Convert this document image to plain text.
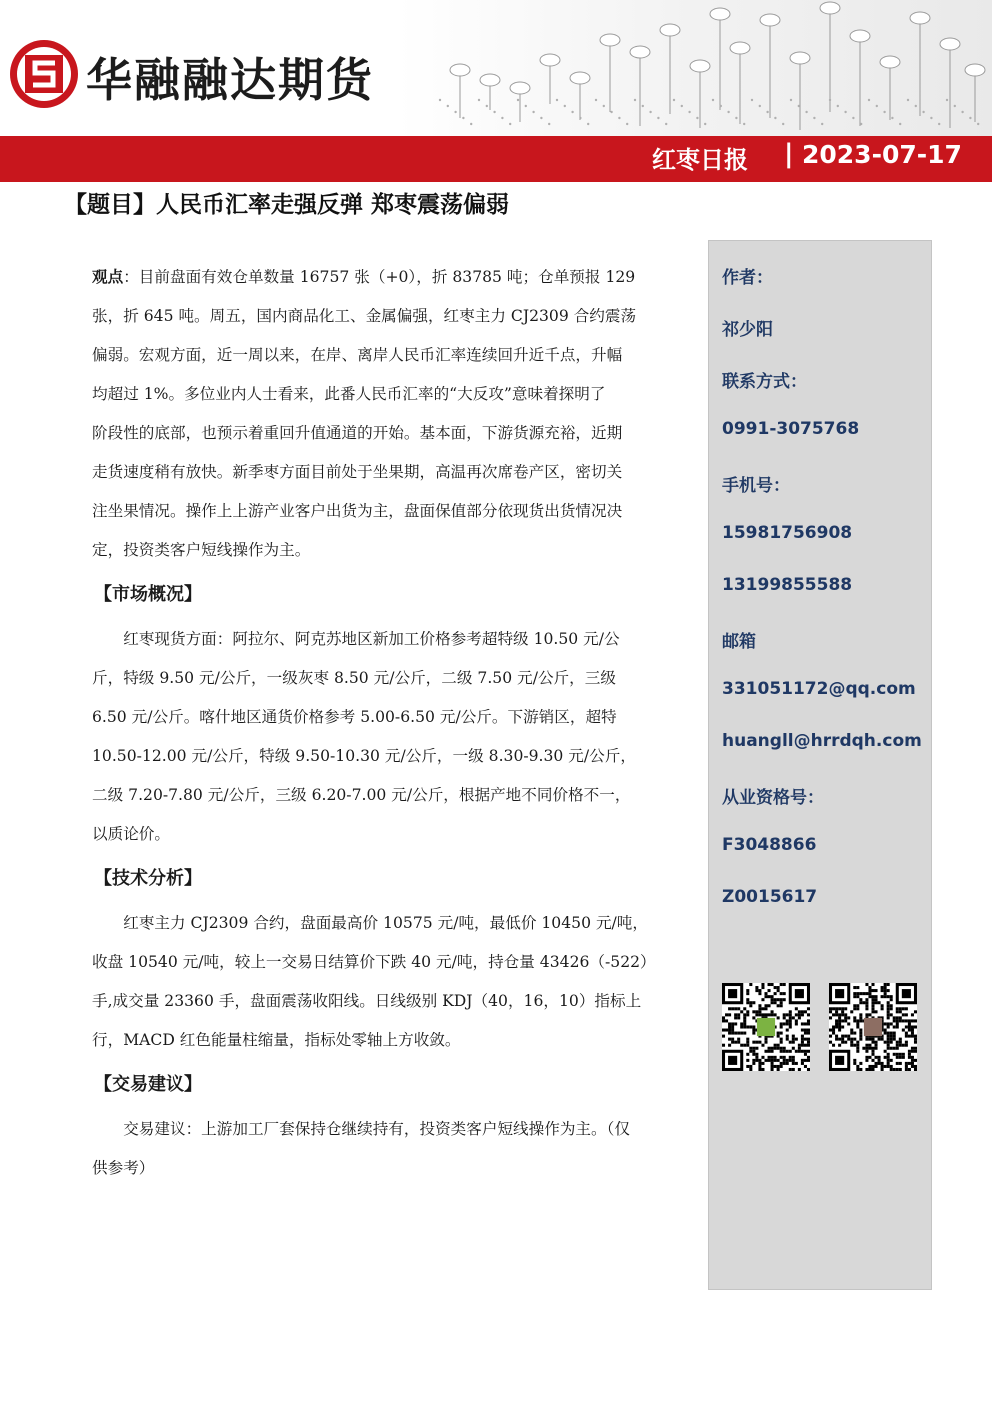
华融融达期货
红枣日报 | 2023-07-17
【题目】人民币汇率走强反弹 郑枣震荡偏弱

观点：目前盘面有效仓单数量 16757 张（+0），折 83785 吨；仓单预报 129

张，折 645 吨。周五，国内商品化工、金属偏强，红枣主力 CJ2309 合约震荡

偏弱。宏观方面，近一周以来，在岸、离岸人民币汇率连续回升近千点，升幅

均超过 1%。多位业内人士看来，此番人民币汇率的“大反攻”意味着探明了

阶段性的底部，也预示着重回升值通道的开始。基本面，下游货源充裕，近期

走货速度稍有放快。新季枣方面目前处于坐果期，高温再次席卷产区，密切关

注坐果情况。操作上上游产业客户出货为主，盘面保值部分依现货出货情况决

定，投资类客户短线操作为主。

【市场概况】

红枣现货方面：阿拉尔、阿克苏地区新加工价格参考超特级 10.50 元/公

斤，特级 9.50 元/公斤，一级灰枣 8.50 元/公斤，二级 7.50 元/公斤，三级

6.50 元/公斤。喀什地区通货价格参考 5.00-6.50 元/公斤。下游销区，超特

10.50-12.00 元/公斤，特级 9.50-10.30 元/公斤，一级 8.30-9.30 元/公斤，

二级 7.20-7.80 元/公斤，三级 6.20-7.00 元/公斤，根据产地不同价格不一，

以质论价。

【技术分析】

红枣主力 CJ2309 合约，盘面最高价 10575 元/吨，最低价 10450 元/吨，

收盘 10540 元/吨，较上一交易日结算价下跌 40 元/吨，持仓量 43426（-522）

手,成交量 23360 手，盘面震荡收阳线。日线级别 KDJ（40，16，10）指标上

行，MACD 红色能量柱缩量，指标处零轴上方收敛。

【交易建议】

交易建议：上游加工厂套保持仓继续持有，投资类客户短线操作为主。（仅

供参考）

作者：
祁少阳
联系方式：
0991-3075768
手机号：
15981756908
13199855588
邮箱
331051172@qq.com
huangll@hrrdqh.com
从业资格号：
F3048866
Z0015617
